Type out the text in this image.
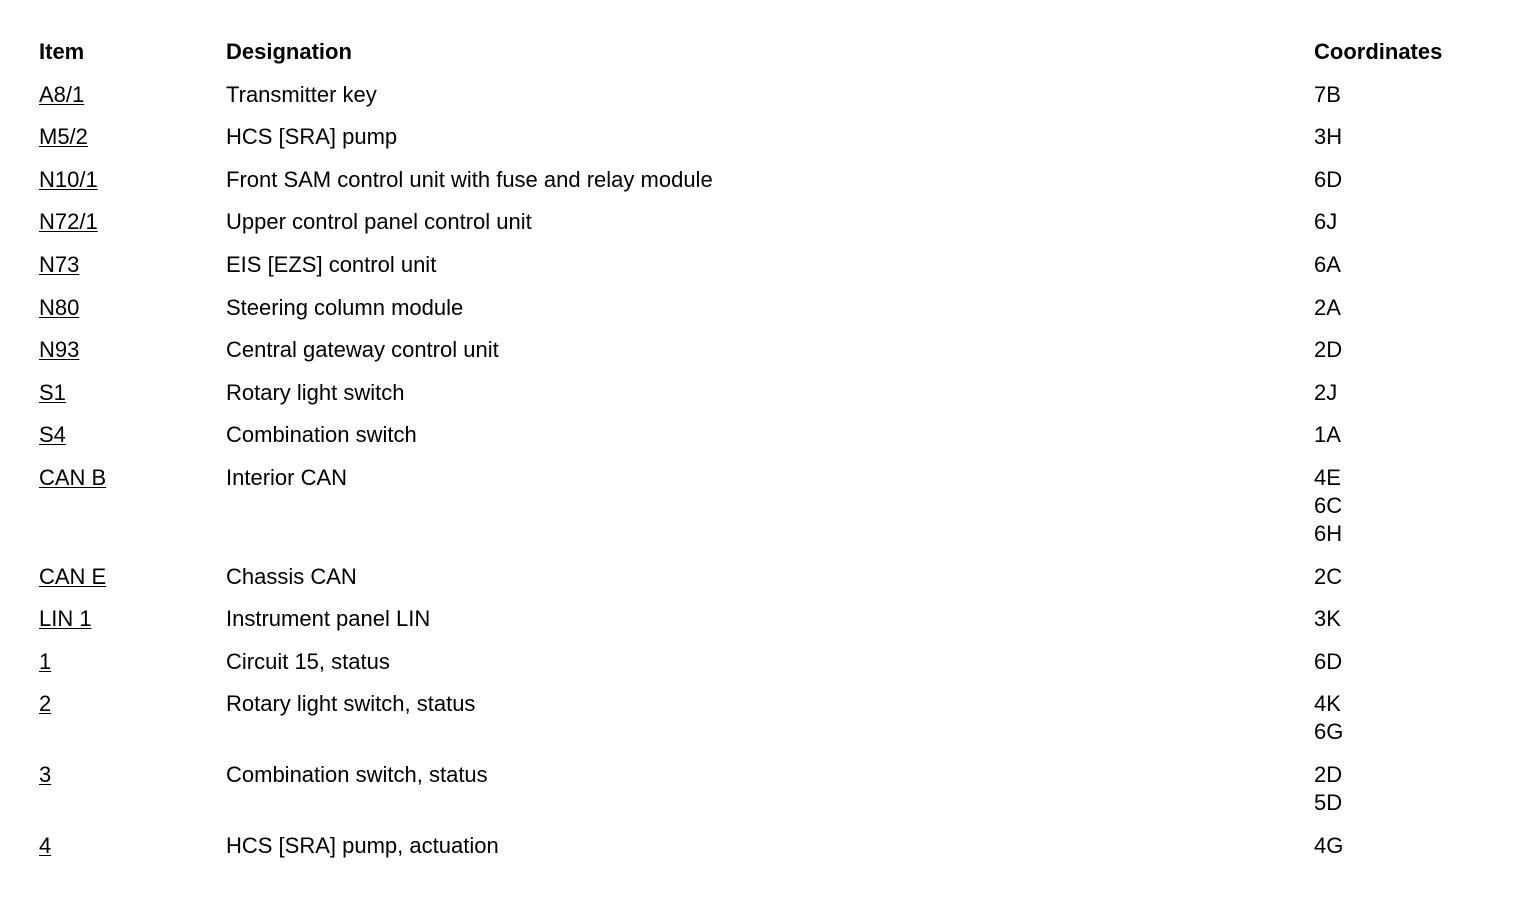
Item	Designation	Coordinates
A8/1	Transmitter key	7B
M5/2	HCS [SRA] pump	3H
N10/1	Front SAM control unit with fuse and relay module	6D
N72/1	Upper control panel control unit	6J
N73	EIS [EZS] control unit	6A
N80	Steering column module	2A
N93	Central gateway control unit	2D
S1	Rotary light switch	2J
S4	Combination switch	1A
CAN B	Interior CAN	4E
6C
6H
CAN E	Chassis CAN	2C
LIN 1	Instrument panel LIN	3K
1	Circuit 15, status	6D
2	Rotary light switch, status	4K
6G
3	Combination switch, status	2D
5D
4	HCS [SRA] pump, actuation	4G
